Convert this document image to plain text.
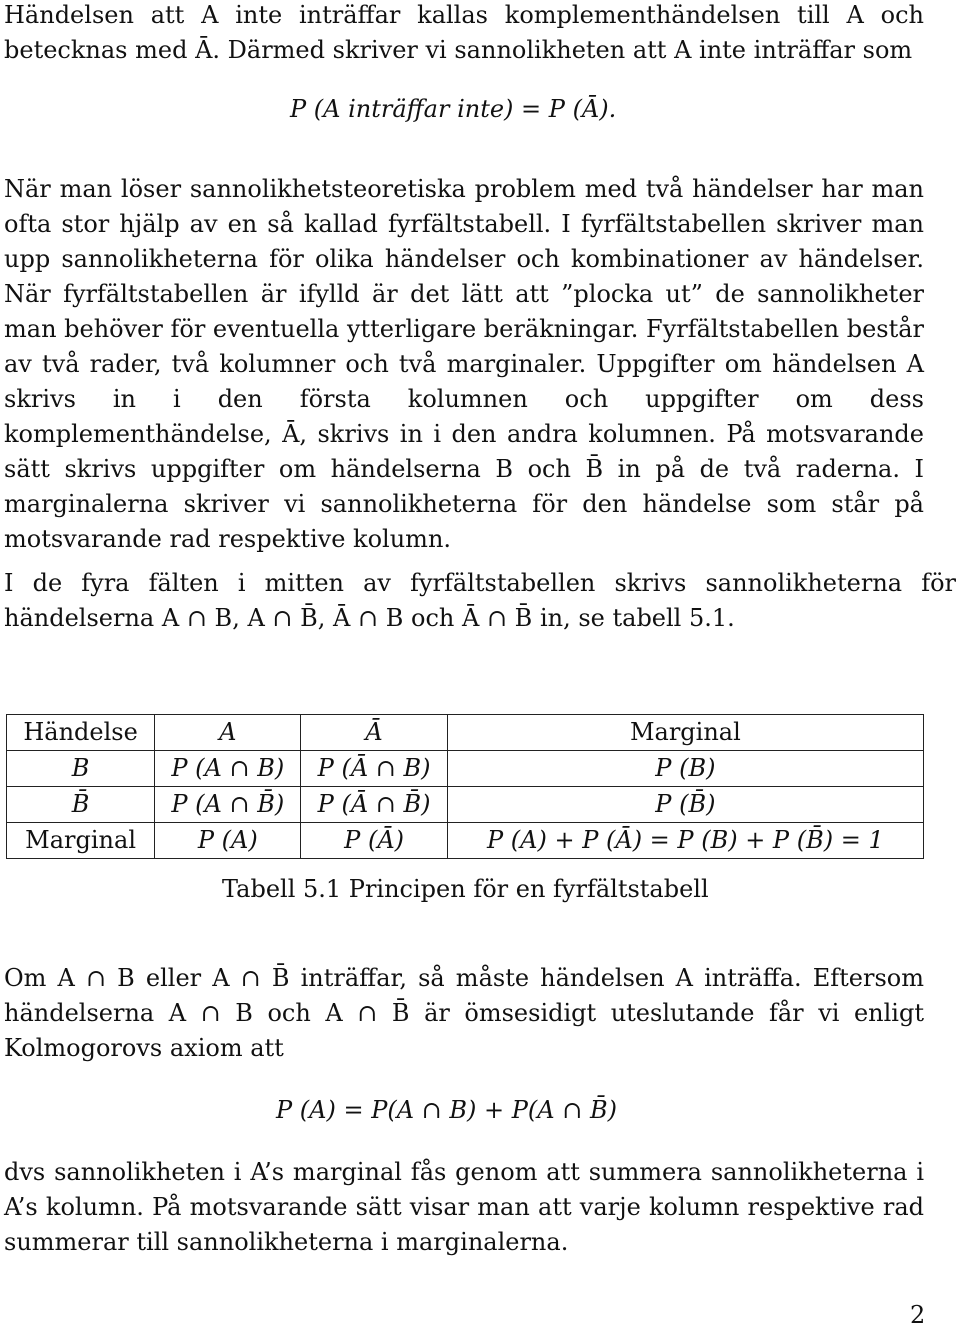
Händelsen att A inte inträffar kallas komplementhändelsen till A och betecknas med Ā. Därmed skriver vi sannolikheten att A inte inträffar som

P (A inträffar inte) = P (Ā).

När man löser sannolikhetsteoretiska problem med två händelser har man ofta stor hjälp av en så kallad fyrfältstabell. I fyrfältstabellen skriver man upp sannolikheterna för olika händelser och kombinationer av händelser. När fyrfältstabellen är ifylld är det lätt att ”plocka ut” de sannolikheter man behöver för eventuella ytterligare beräkningar. Fyrfältstabellen består av två rader, två kolumner och två marginaler. Uppgifter om händelsen A skrivs in i den första kolumnen och uppgifter om dess komplementhändelse, Ā, skrivs in i den andra kolumnen. På motsvarande sätt skrivs uppgifter om händelserna B och B̄ in på de två raderna. I marginalerna skriver vi sannolikheterna för den händelse som står på motsvarande rad respektive kolumn.

I de fyra fälten i mitten av fyrfältstabellen skrivs sannolikheterna för händelserna A ∩ B, A ∩ B̄, Ā ∩ B och Ā ∩ B̄ in, se tabell 5.1.

Händelse	A	Ā	Marginal
B	P (A ∩ B)	P (Ā ∩ B)	P (B)
B̄	P (A ∩ B̄)	P (Ā ∩ B̄)	P (B̄)
Marginal	P (A)	P (Ā)	P (A) + P (Ā) = P (B) + P (B̄) = 1
Tabell 5.1 Principen för en fyrfältstabell

Om A ∩ B eller A ∩ B̄ inträffar, så måste händelsen A inträffa. Eftersom händelserna A ∩ B och A ∩ B̄ är ömsesidigt uteslutande får vi enligt Kolmogorovs axiom att

P (A) = P(A ∩ B) + P(A ∩ B̄)

dvs sannolikheten i A’s marginal fås genom att summera sannolikheterna i A’s kolumn. På motsvarande sätt visar man att varje kolumn respektive rad summerar till sannolikheterna i marginalerna.

2
